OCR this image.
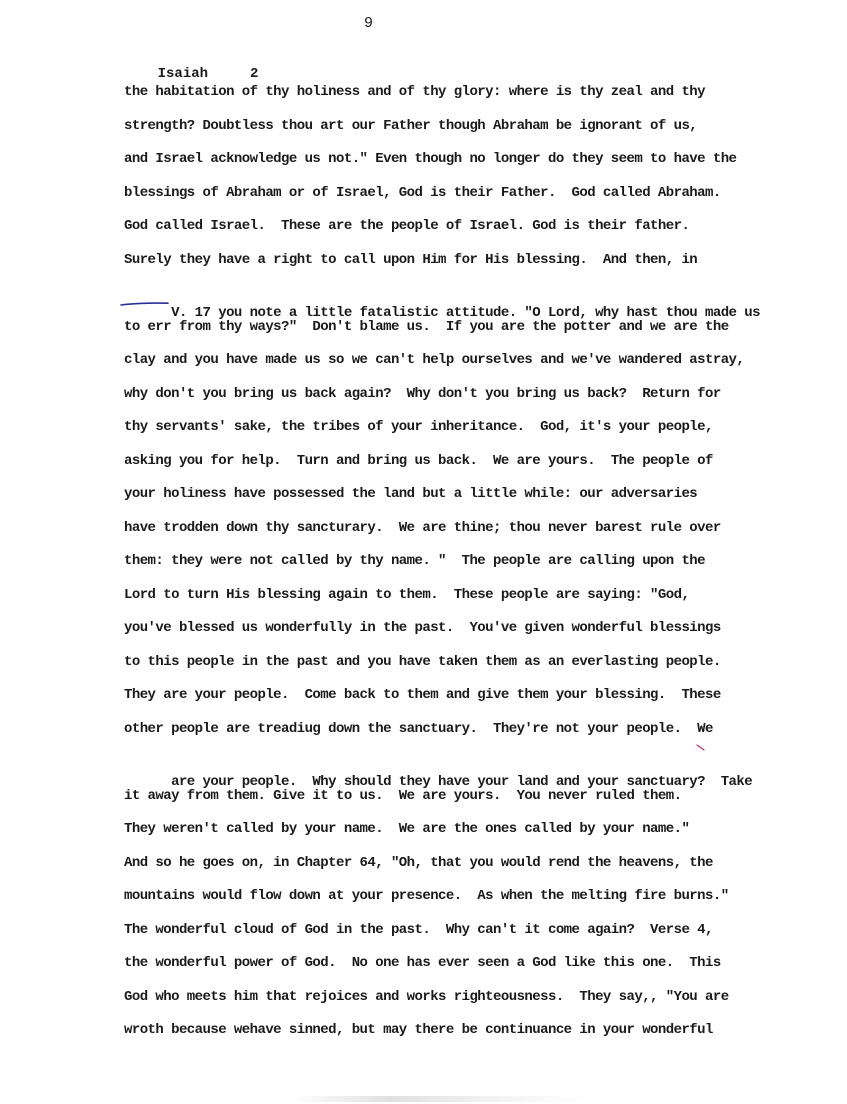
9

Isaiah	2

the habitation of thy holiness and of thy glory: where is thy zeal and thy
strength? Doubtless thou art our Father though Abraham be ignorant of us,
and Israel acknowledge us not." Even though no longer do they seem to have the
blessings of Abraham or of Israel, God is their Father.  God called Abraham.
God called Israel.  These are the people of Israel. God is their father.
Surely they have a right to call upon Him for His blessing.  And then, in

V. 17 you note a little fatalistic attitude. "O Lord, why hast thou made us

to err from thy ways?"  Don't blame us.  If you are the potter and we are the
clay and you have made us so we can't help ourselves and we've wandered astray,
why don't you bring us back again?  Why don't you bring us back?  Return for
thy servants' sake, the tribes of your inheritance.  God, it's your people,
asking you for help.  Turn and bring us back.  We are yours.  The people of
your holiness have possessed the land but a little while: our adversaries
have trodden down thy sancturary.  We are thine; thou never barest rule over
them: they were not called by thy name. "  The people are calling upon the
Lord to turn His blessing again to them.  These people are saying: "God,
you've blessed us wonderfully in the past.  You've given wonderful blessings
to this people in the past and you have taken them as an everlasting people.
They are your people.  Come back to them and give them your blessing.  These
other people are treadiug down the sanctuary.  They're not your people.  We

are your people.  Why should they have your land and your sanctuary?  Take

it away from them. Give it to us.  We are yours.  You never ruled them.
They weren't called by your name.  We are the ones called by your name."
And so he goes on, in Chapter 64, "Oh, that you would rend the heavens, the
mountains would flow down at your presence.  As when the melting fire burns."
The wonderful cloud of God in the past.  Why can't it come again?  Verse 4,
the wonderful power of God.  No one has ever seen a God like this one.  This
God who meets him that rejoices and works righteousness.  They say,, "You are
wroth because wehave sinned, but may there be continuance in your wonderful
